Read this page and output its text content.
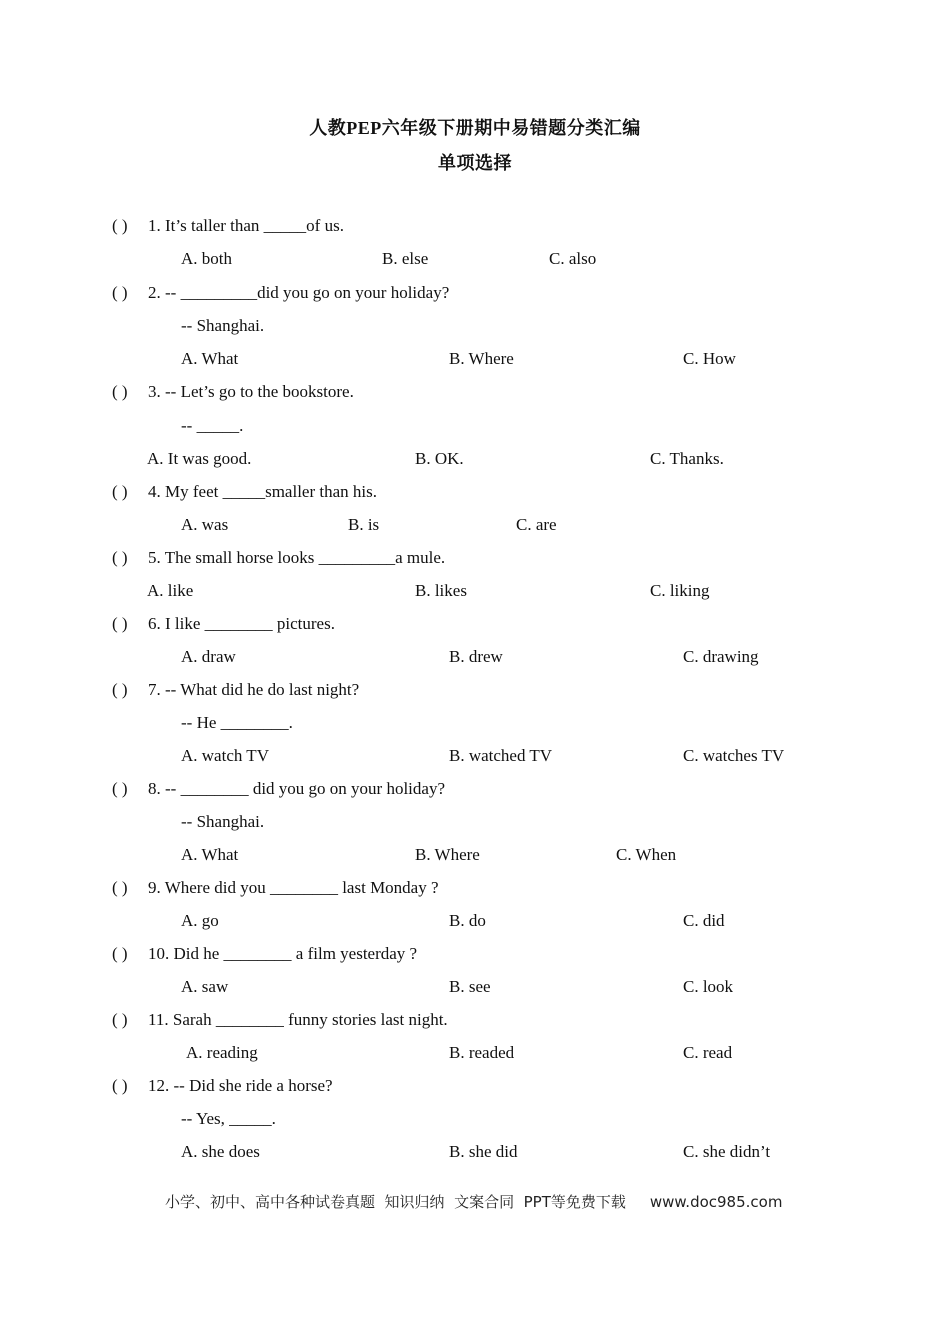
人教PEP六年级下册期中易错题分类汇编
单项选择
( ) 1. It’s taller than _____of us.
A. both	B. else	C. also
( ) 2. -- _________did you go on your holiday?
-- Shanghai.
A. What	B. Where	C. How
( ) 3. -- Let’s go to the bookstore.
-- _____.
A. It was good.	B. OK.	C. Thanks.
( ) 4. My feet _____smaller than his.
A. was	B. is	C. are
( ) 5. The small horse looks _________a mule.
A. like	B. likes	C. liking
( ) 6. I like ________ pictures.
A. draw	B. drew	C. drawing
( ) 7. -- What did he do last night?
-- He ________.
A. watch TV	B. watched TV	C. watches TV
( ) 8. -- ________ did you go on your holiday?
-- Shanghai.
A. What	B. Where	C. When
( ) 9. Where did you ________ last Monday ?
A. go	B. do	C. did
( ) 10. Did he ________ a film yesterday ?
A. saw	B. see	C. look
( ) 11. Sarah ________ funny stories last night.
A. reading	B. readed	C. read
( ) 12. -- Did she ride a horse?
-- Yes, _____.
A. she does	B. she did	C. she didn’t
小学、初中、高中各种试卷真题  知识归纳  文案合同  PPT等免费下载 www.doc985.com
